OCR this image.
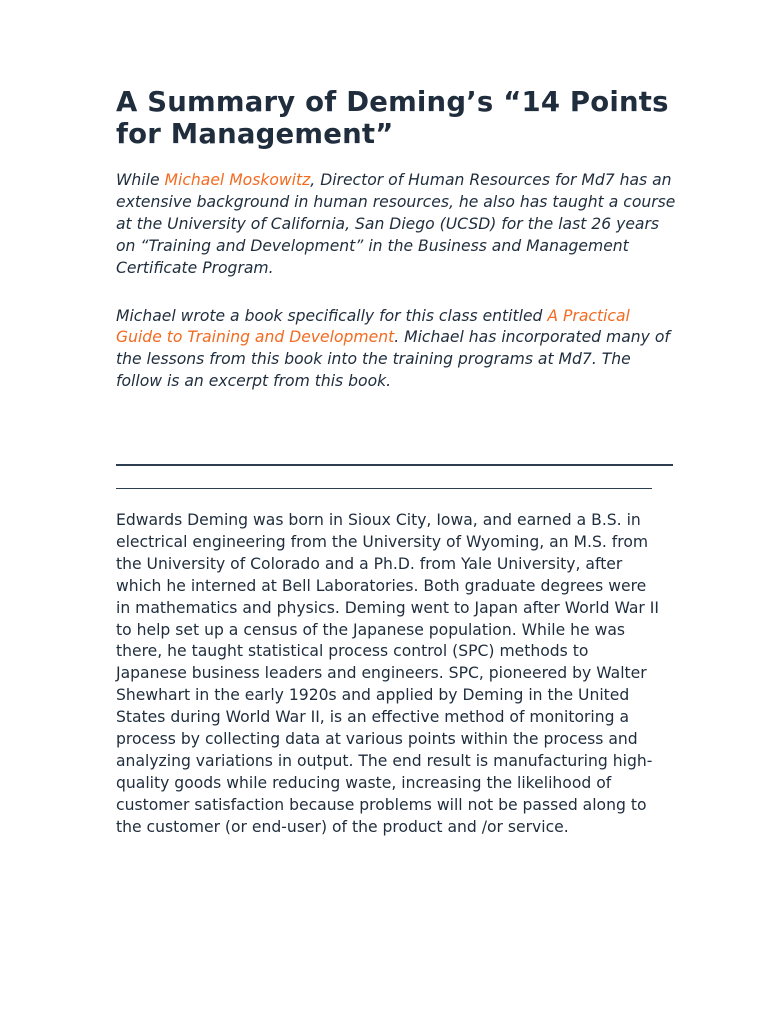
A Summary of Deming’s “14 Points for Management”

While Michael Moskowitz, Director of Human Resources for Md7 has an extensive background in human resources, he also has taught a course at the University of California, San Diego (UCSD) for the last 26 years on “Training and Development” in the Business and Management Certificate Program.

Michael wrote a book specifically for this class entitled A Practical Guide to Training and Development. Michael has incorporated many of the lessons from this book into the training programs at Md7. The follow is an excerpt from this book.

Edwards Deming was born in Sioux City, Iowa, and earned a B.S. in electrical engineering from the University of Wyoming, an M.S. from the University of Colorado and a Ph.D. from Yale University, after which he interned at Bell Laboratories. Both graduate degrees were in mathematics and physics. Deming went to Japan after World War II to help set up a census of the Japanese population. While he was there, he taught statistical process control (SPC) methods to Japanese business leaders and engineers. SPC, pioneered by Walter Shewhart in the early 1920s and applied by Deming in the United States during World War II, is an effective method of monitoring a process by collecting data at various points within the process and analyzing variations in output. The end result is manufacturing high-quality goods while reducing waste, increasing the likelihood of customer satisfaction because problems will not be passed along to the customer (or end-user) of the product and /or service.
